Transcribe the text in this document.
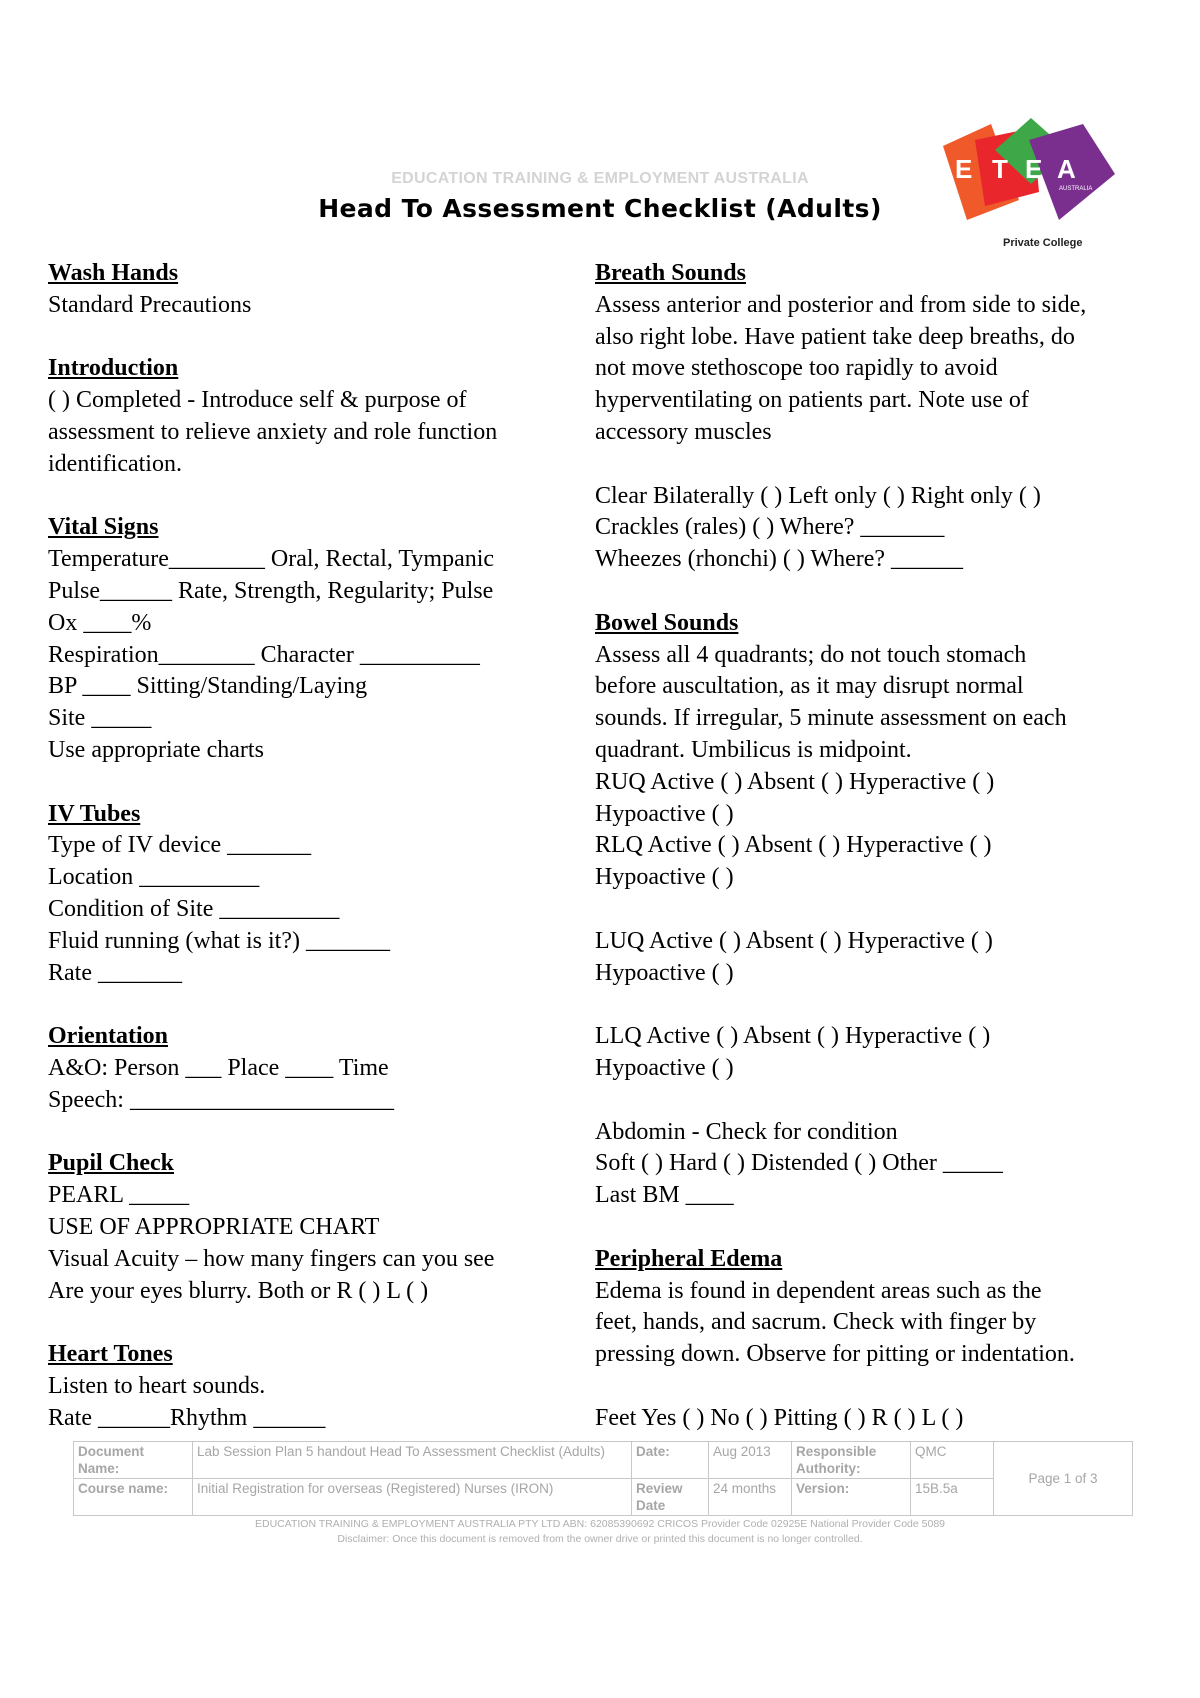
EDUCATION TRAINING & EMPLOYMENT AUSTRALIA
Head To Assessment Checklist (Adults)
E T E A
AUSTRALIA
Private College
Wash Hands

Standard Precautions

Introduction

( ) Completed - Introduce self & purpose of

assessment to relieve anxiety and role function

identification.

Vital Signs

Temperature________ Oral, Rectal, Tympanic

Pulse______ Rate, Strength, Regularity; Pulse

Ox ____%

Respiration________ Character __________

BP ____ Sitting/Standing/Laying

Site _____

Use appropriate charts

IV Tubes

Type of IV device _______

Location __________

Condition of Site __________

Fluid running (what is it?) _______

Rate _______

Orientation

A&O: Person ___ Place ____ Time

Speech: ______________________

Pupil Check

PEARL _____

USE OF APPROPRIATE CHART

Visual Acuity – how many fingers can you see

Are your eyes blurry. Both or R ( ) L ( )

Heart Tones

Listen to heart sounds.

Rate ______Rhythm ______

Breath Sounds

Assess anterior and posterior and from side to side,

also right lobe. Have patient take deep breaths, do

not move stethoscope too rapidly to avoid

hyperventilating on patients part. Note use of

accessory muscles

Clear Bilaterally ( ) Left only ( ) Right only ( )

Crackles (rales) ( ) Where? _______

Wheezes (rhonchi) ( ) Where? ______

Bowel Sounds

Assess all 4 quadrants; do not touch stomach

before auscultation, as it may disrupt normal

sounds. If irregular, 5 minute assessment on each

quadrant. Umbilicus is midpoint.

RUQ Active ( ) Absent ( ) Hyperactive ( )

Hypoactive ( )

RLQ Active ( ) Absent ( ) Hyperactive ( )

Hypoactive ( )

LUQ Active ( ) Absent ( ) Hyperactive ( )

Hypoactive ( )

LLQ Active ( ) Absent ( ) Hyperactive ( )

Hypoactive ( )

Abdomin - Check for condition

Soft ( ) Hard ( ) Distended ( ) Other _____

Last BM ____

Peripheral Edema

Edema is found in dependent areas such as the

feet, hands, and sacrum. Check with finger by

pressing down. Observe for pitting or indentation.

Feet Yes ( ) No ( ) Pitting ( ) R ( ) L ( )

Document Name:	Lab Session Plan 5 handout Head To Assessment Checklist (Adults)	Date:	Aug 2013	Responsible Authority:	QMC	Page 1 of 3
Course name:	Initial Registration for overseas (Registered) Nurses (IRON)	Review Date	24 months	Version:	15B.5a	
EDUCATION TRAINING & EMPLOYMENT AUSTRALIA PTY LTD ABN: 62085390692 CRICOS Provider Code 02925E National Provider Code 5089
Disclaimer: Once this document is removed from the owner drive or printed this document is no longer controlled.
